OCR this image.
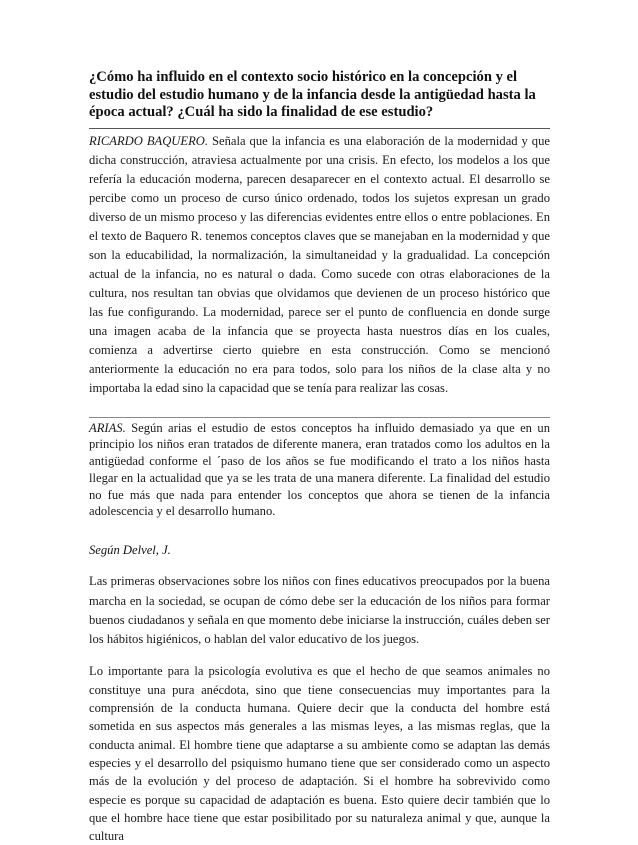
¿Cómo ha influido en el contexto socio histórico en la concepción y el estudio del estudio humano y de la infancia desde la antigüedad hasta la época actual? ¿Cuál ha sido la finalidad de ese estudio?

RICARDO BAQUERO. Señala que la infancia es una elaboración de la modernidad y que dicha construcción, atraviesa actualmente por una crisis. En efecto, los modelos a los que refería la educación moderna, parecen desaparecer en el contexto actual. El desarrollo se percibe como un proceso de curso único ordenado, todos los sujetos expresan un grado diverso de un mismo proceso y las diferencias evidentes entre ellos o entre poblaciones. En el texto de Baquero R. tenemos conceptos claves que se manejaban en la modernidad y que son la educabilidad, la normalización, la simultaneidad y la gradualidad. La concepción actual de la infancia, no es natural o dada. Como sucede con otras elaboraciones de la cultura, nos resultan tan obvias que olvidamos que devienen de un proceso histórico que las fue configurando. La modernidad, parece ser el punto de confluencia en donde surge una imagen acaba de la infancia que se proyecta hasta nuestros días en los cuales, comienza a advertirse cierto quiebre en esta construcción. Como se mencionó anteriormente la educación no era para todos, solo para los niños de la clase alta y no importaba la edad sino la capacidad que se tenía para realizar las cosas.

ARIAS. Según arias el estudio de estos conceptos ha influido demasiado ya que en un principio los niños eran tratados de diferente manera, eran tratados como los adultos en la antigüedad conforme el ´paso de los años se fue modificando el trato a los niños hasta llegar en la actualidad que ya se les trata de una manera diferente. La finalidad del estudio no fue más que nada para entender los conceptos que ahora se tienen de la infancia adolescencia y el desarrollo humano.

Según Delvel, J.

Las primeras observaciones sobre los niños con fines educativos preocupados por la buena marcha en la sociedad, se ocupan de cómo debe ser la educación de los niños para formar buenos ciudadanos y señala en que momento debe iniciarse la instrucción, cuáles deben ser los hábitos higiénicos, o hablan del valor educativo de los juegos.

Lo importante para la psicología evolutiva es que el hecho de que seamos animales no constituye una pura anécdota, sino que tiene consecuencias muy importantes para la comprensión de la conducta humana. Quiere decir que la conducta del hombre está sometida en sus aspectos más generales a las mismas leyes, a las mismas reglas, que la conducta animal. El hombre tiene que adaptarse a su ambiente como se adaptan las demás especies y el desarrollo del psiquismo humano tiene que ser considerado como un aspecto más de la evolución y del proceso de adaptación. Si el hombre ha sobrevivido como especie es porque su capacidad de adaptación es buena. Esto quiere decir también que lo que el hombre hace tiene que estar posibilitado por su naturaleza animal y que, aunque la cultura
